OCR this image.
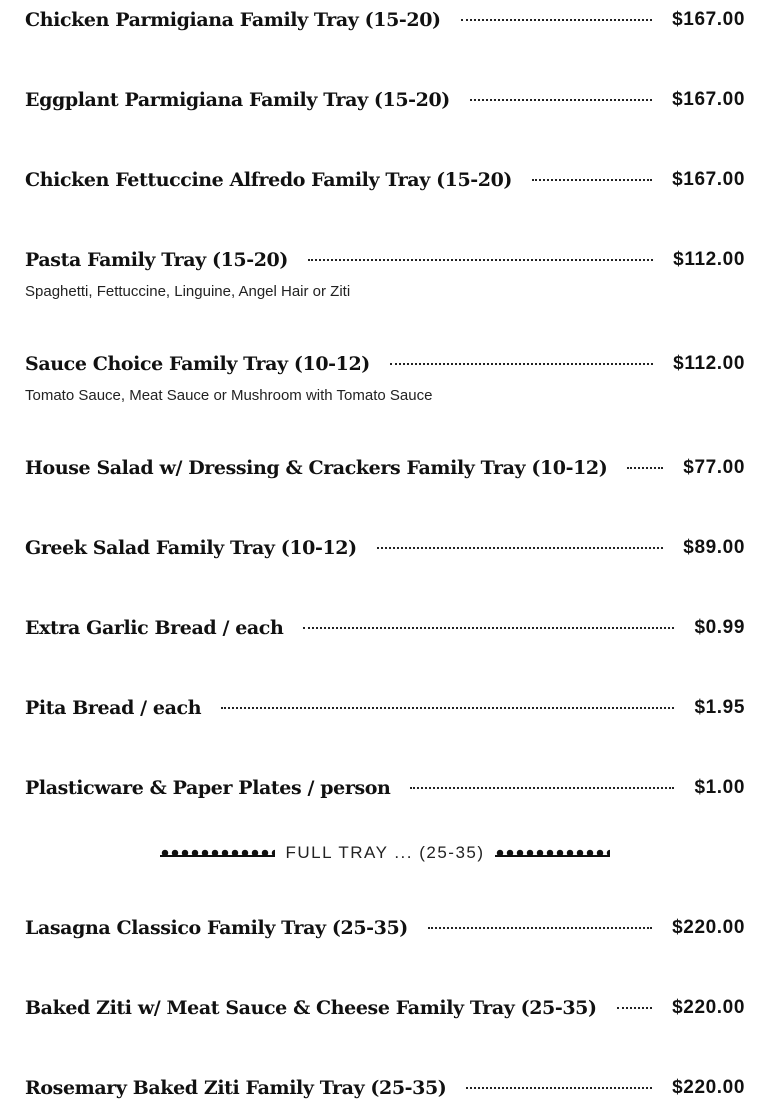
Chicken Parmigiana Family Tray (15-20)	$167.00
Eggplant Parmigiana Family Tray (15-20)	$167.00
Chicken Fettuccine Alfredo Family Tray (15-20)	$167.00
Pasta Family Tray (15-20)	$112.00
Spaghetti, Fettuccine, Linguine, Angel Hair or Ziti
Sauce Choice Family Tray (10-12)	$112.00
Tomato Sauce, Meat Sauce or Mushroom with Tomato Sauce
House Salad w/ Dressing & Crackers Family Tray (10-12)	$77.00
Greek Salad Family Tray (10-12)	$89.00
Extra Garlic Bread / each	$0.99
Pita Bread / each	$1.95
Plasticware & Paper Plates / person	$1.00
Lasagna Classico Family Tray (25-35)	$220.00
Baked Ziti w/ Meat Sauce & Cheese Family Tray (25-35)	$220.00
Rosemary Baked Ziti Family Tray (25-35)	$220.00
FULL TRAY ... (25-35)
